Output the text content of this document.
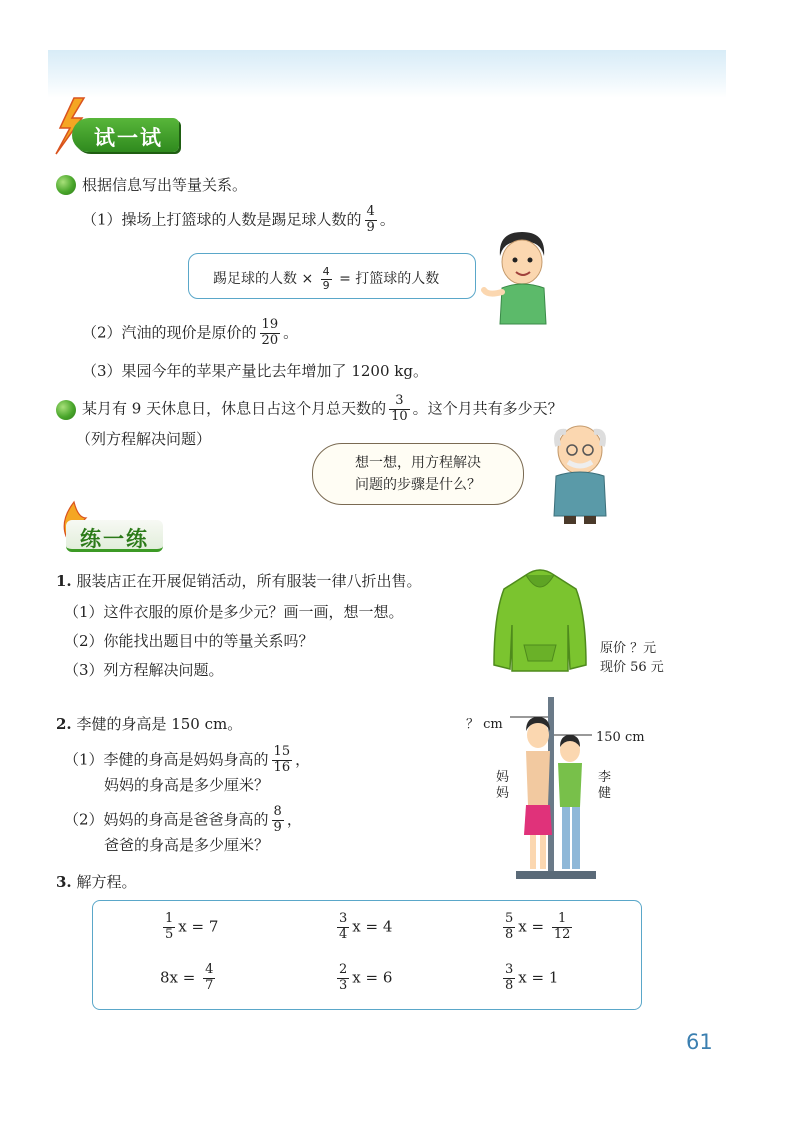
试一试
根据信息写出等量关系。
（1）操场上打篮球的人数是踢足球人数的 $\frac{4}{9}$ 。
踢足球的人数 × $\frac{4}{9}$ = 打篮球的人数
（2）汽油的现价是原价的 $\frac{19}{20}$ 。
（3）果园今年的苹果产量比去年增加了 1200 kg。
某月有 9 天休息日，休息日占这个月总天数的 $\frac{3}{10}$ 。这个月共有多少天？
（列方程解决问题）
想一想，用方程解决
问题的步骤是什么？
练一练
1. 服装店正在开展促销活动，所有服装一律八折出售。
（1）这件衣服的原价是多少元？画一画，想一想。
（2）你能找出题目中的等量关系吗？
（3）列方程解决问题。
原价 ？元
现价 56 元
2. 李健的身高是 150 cm。
（1）李健的身高是妈妈身高的 $\frac{15}{16}$ ，
妈妈的身高是多少厘米？
（2）妈妈的身高是爸爸身高的 $\frac{8}{9}$ ，
爸爸的身高是多少厘米？
？ cm
150 cm
妈妈
李健
3. 解方程。
$\frac{1}{5}$ x = 7	$\frac{3}{4}$ x = 4	$\frac{5}{8}$ $x = \frac{1}{12}$
$8x = \frac{4}{7}$	$\frac{2}{3}$ x = 6	$\frac{3}{8}$ x = 1
61
